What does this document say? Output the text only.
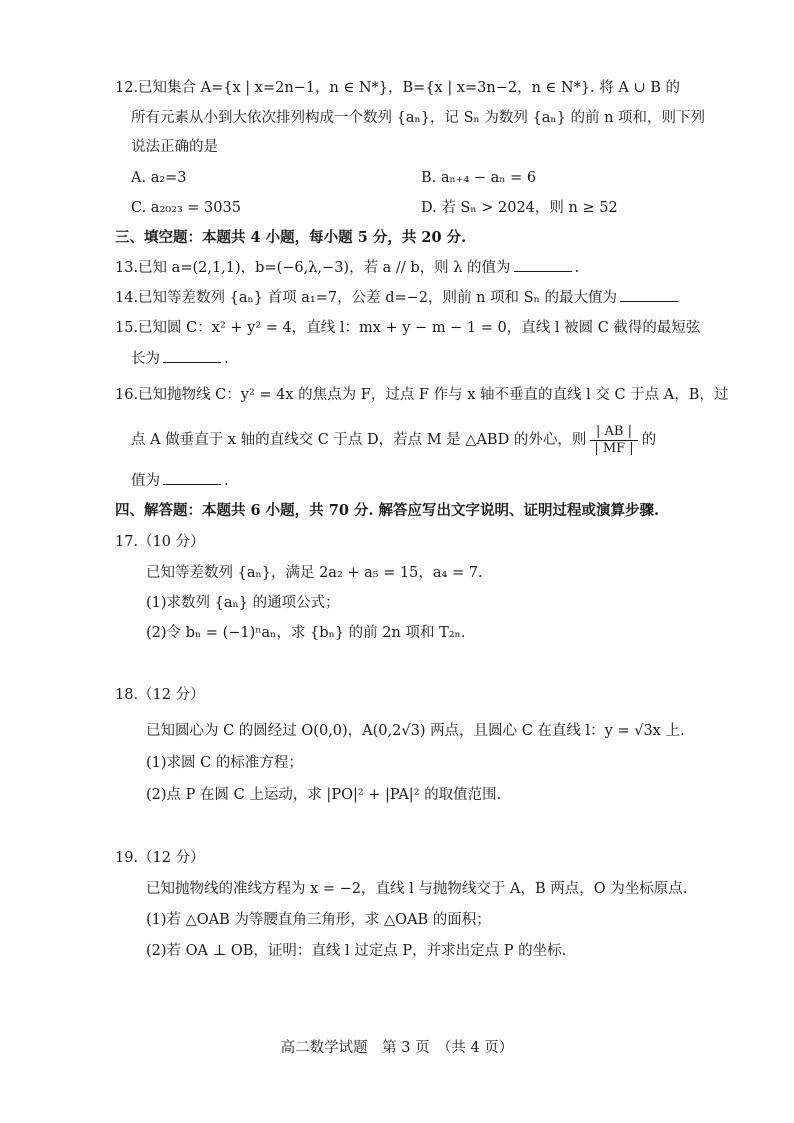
12.已知集合 A={x | x=2n−1，n ∈ N*}，B={x | x=3n−2，n ∈ N*}. 将 A ∪ B 的
所有元素从小到大依次排列构成一个数列 {aₙ}，记 Sₙ 为数列 {aₙ} 的前 n 项和，则下列
说法正确的是
A. a₂=3	B. aₙ₊₄ − aₙ = 6
C. a₂₀₂₃ = 3035	D. 若 Sₙ > 2024，则 n ≥ 52
三、填空题：本题共 4 小题，每小题 5 分，共 20 分.
13.已知 a=(2,1,1)，b=(−6,λ,−3)，若 a // b，则 λ 的值为	.
14.已知等差数列 {aₙ} 首项 a₁=7，公差 d=−2，则前 n 项和 Sₙ 的最大值为
15.已知圆 C：x² + y² = 4，直线 l：mx + y − m − 1 = 0，直线 l 被圆 C 截得的最短弦
长为	.
16.已知抛物线 C：y² = 4x 的焦点为 F，过点 F 作与 x 轴不垂直的直线 l 交 C 于点 A，B，过
点 A 做垂直于 x 轴的直线交 C 于点 D，若点 M 是 △ABD 的外心，则 $\frac{| AB |}{| MF |}$ 的
值为	.
四、解答题：本题共 6 小题，共 70 分. 解答应写出文字说明、证明过程或演算步骤.
17.（10 分）
已知等差数列 {aₙ}，满足 2a₂ + a₅ = 15，a₄ = 7.
(1)求数列 {aₙ} 的通项公式；
(2)令 bₙ = (−1)ⁿaₙ，求 {bₙ} 的前 2n 项和 T₂ₙ.
18.（12 分）
已知圆心为 C 的圆经过 O(0,0)，A(0,2√3) 两点，且圆心 C 在直线 l：y = √3x 上.
(1)求圆 C 的标准方程；
(2)点 P 在圆 C 上运动，求 |PO|² + |PA|² 的取值范围.
19.（12 分）
已知抛物线的准线方程为 x = −2，直线 l 与抛物线交于 A，B 两点，O 为坐标原点.
(1)若 △OAB 为等腰直角三角形，求 △OAB 的面积；
(2)若 OA ⊥ OB，证明：直线 l 过定点 P，并求出定点 P 的坐标.
高二数学试题　第 3 页　（共 4 页）
